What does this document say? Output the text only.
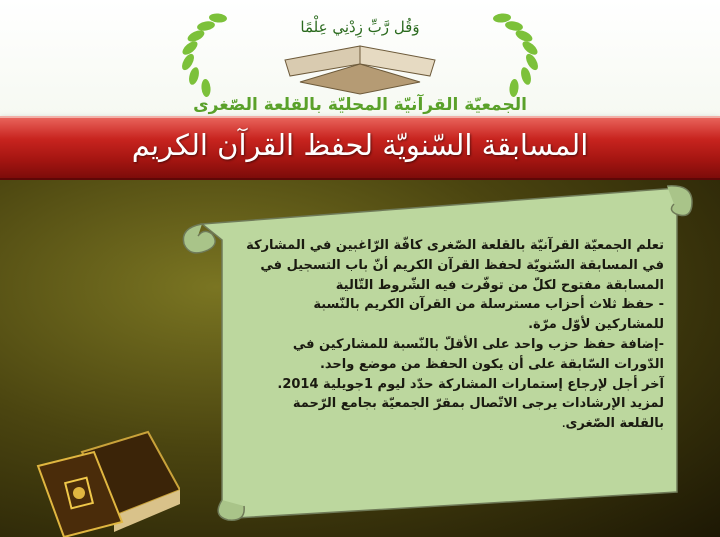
وَقُل رَّبِّ زِدْنِي عِلْمًا
الجمعيّة القرآنيّة المحليّة بالقلعة الصّغرى
المسابقة السّنويّة لحفظ القرآن الكريم

تعلم الجمعيّة القرآنيّة بالقلعة الصّغرى كافّة الرّاغبين في المشاركة في المسابقة السّنويّة لحفظ القرآن الكريم أنّ باب التسجيل في المسابقة مفتوح لكلّ من توفّرت فيه الشّروط التّالية

- حفظ ثلاث أحزاب مسترسلة من القرآن الكريم بالنّسبة للمشاركين لأوّل مرّة.

-إضافة حفظ حزب واحد على الأقلّ بالنّسبة للمشاركين في الدّورات السّابقة على أن يكون الحفظ من موضع واحد.

آخر أجل لإرجاع إستمارات المشاركة حدّد ليوم 1جويلية 2014.

لمزيد الإرشادات يرجى الاتّصال بمقرّ الجمعيّة بجامع الرّحمة بالقلعة الصّغرى.
